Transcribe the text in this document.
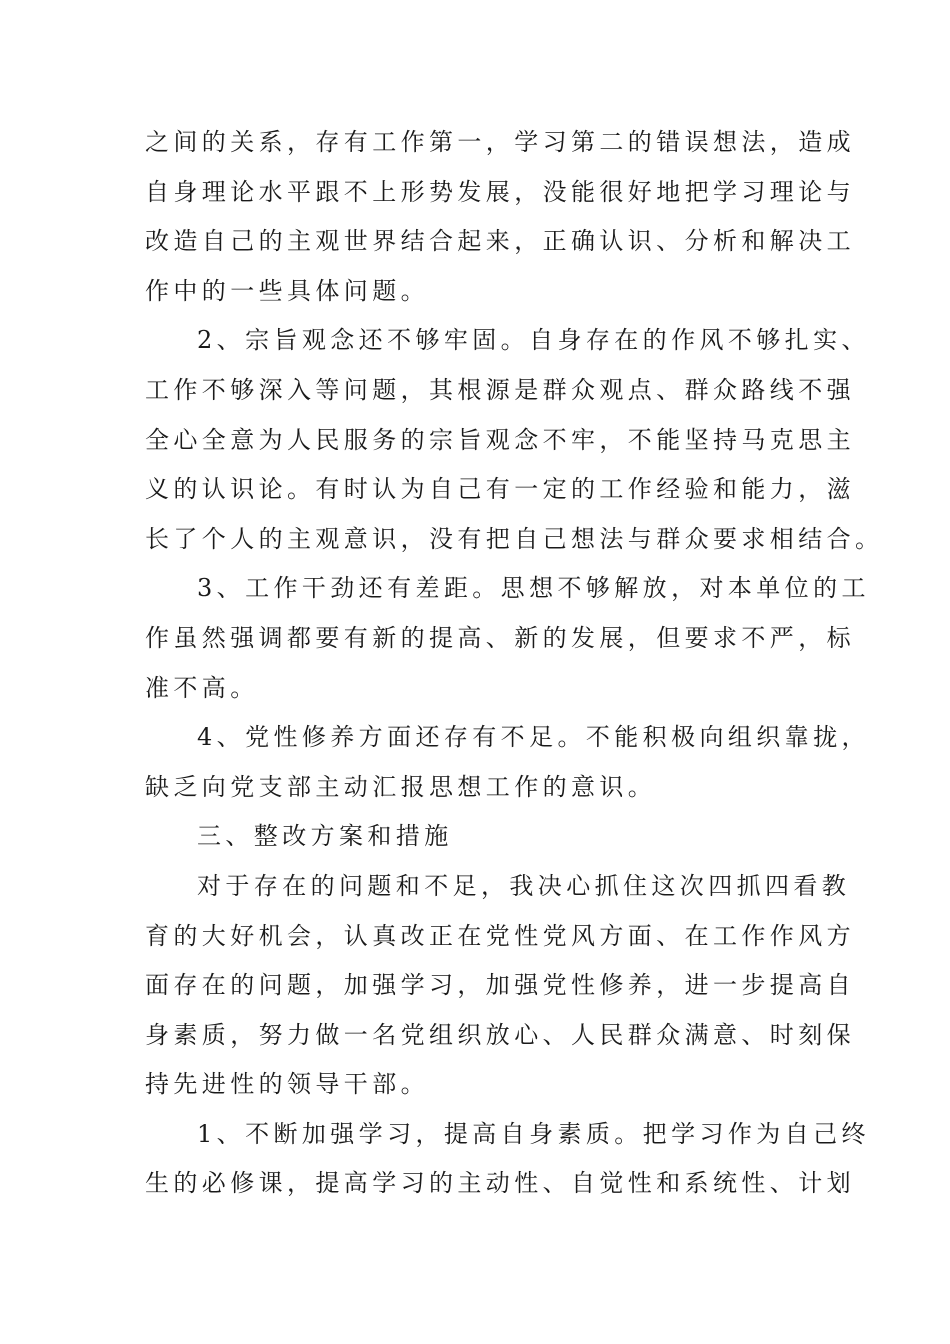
之间的关系，存有工作第一，学习第二的错误想法，造成
自身理论水平跟不上形势发展，没能很好地把学习理论与
改造自己的主观世界结合起来，正确认识、分析和解决工
作中的一些具体问题。
2、宗旨观念还不够牢固。自身存在的作风不够扎实、
工作不够深入等问题，其根源是群众观点、群众路线不强
全心全意为人民服务的宗旨观念不牢，不能坚持马克思主
义的认识论。有时认为自己有一定的工作经验和能力，滋
长了个人的主观意识，没有把自己想法与群众要求相结合。
3、工作干劲还有差距。思想不够解放，对本单位的工
作虽然强调都要有新的提高、新的发展，但要求不严，标
准不高。
4、党性修养方面还存有不足。不能积极向组织靠拢，
缺乏向党支部主动汇报思想工作的意识。
三、整改方案和措施
对于存在的问题和不足，我决心抓住这次四抓四看教
育的大好机会，认真改正在党性党风方面、在工作作风方
面存在的问题，加强学习，加强党性修养，进一步提高自
身素质，努力做一名党组织放心、人民群众满意、时刻保
持先进性的领导干部。
1、不断加强学习，提高自身素质。把学习作为自己终
生的必修课，提高学习的主动性、自觉性和系统性、计划
